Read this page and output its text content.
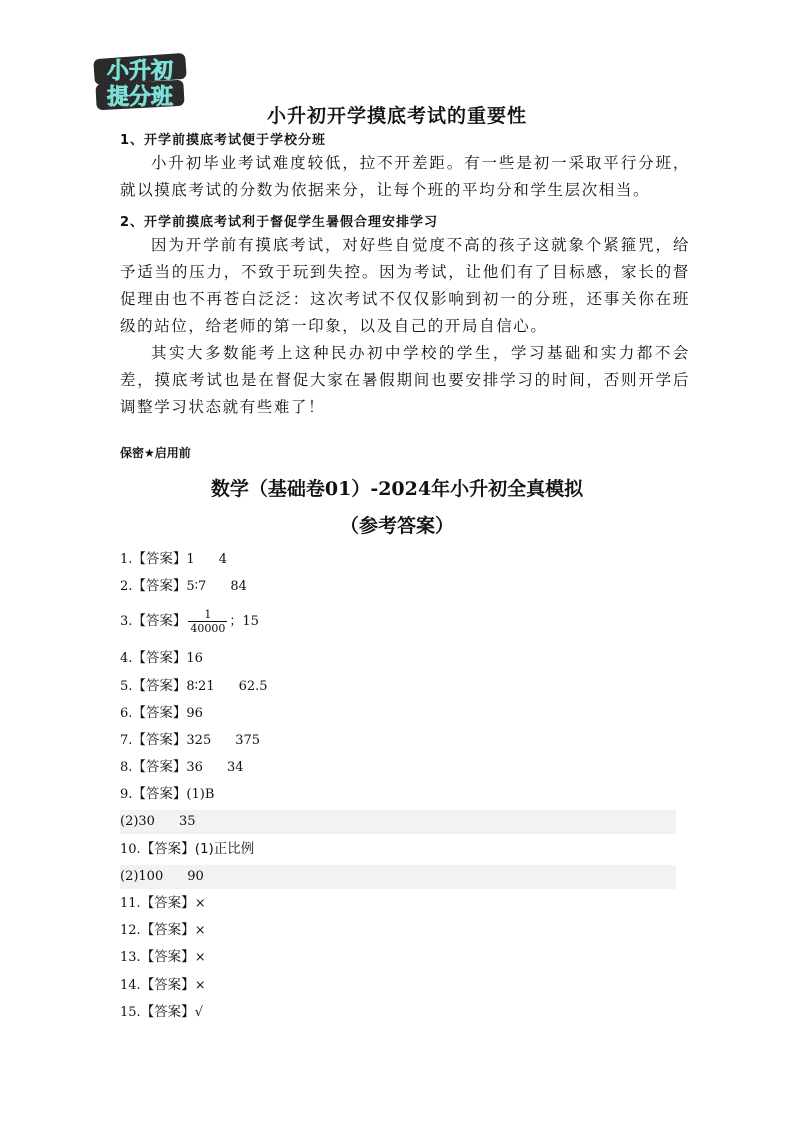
小升初
提分班
小升初开学摸底考试的重要性
1、开学前摸底考试便于学校分班

小升初毕业考试难度较低，拉不开差距。有一些是初一采取平行分班，就以摸底考试的分数为依据来分，让每个班的平均分和学生层次相当。

2、开学前摸底考试利于督促学生暑假合理安排学习

因为开学前有摸底考试，对好些自觉度不高的孩子这就象个紧箍咒，给予适当的压力，不致于玩到失控。因为考试，让他们有了目标感，家长的督促理由也不再苍白泛泛：这次考试不仅仅影响到初一的分班，还事关你在班级的站位，给老师的第一印象，以及自己的开局自信心。

其实大多数能考上这种民办初中学校的学生，学习基础和实力都不会差，摸底考试也是在督促大家在暑假期间也要安排学习的时间，否则开学后调整学习状态就有些难了！

保密★启用前
数学（基础卷01）-2024年小升初全真模拟
（参考答案）
1.【答案】1 4
2.【答案】5∶7 84
3.【答案】 $\frac{1}{40000}$ ；15
4.【答案】16
5.【答案】8∶21 62.5
6.【答案】96
7.【答案】325 375
8.【答案】36 34
9.【答案】(1)B
(2)30 35
10.【答案】(1)正比例
(2)100 90
11.【答案】×
12.【答案】×
13.【答案】×
14.【答案】×
15.【答案】√
